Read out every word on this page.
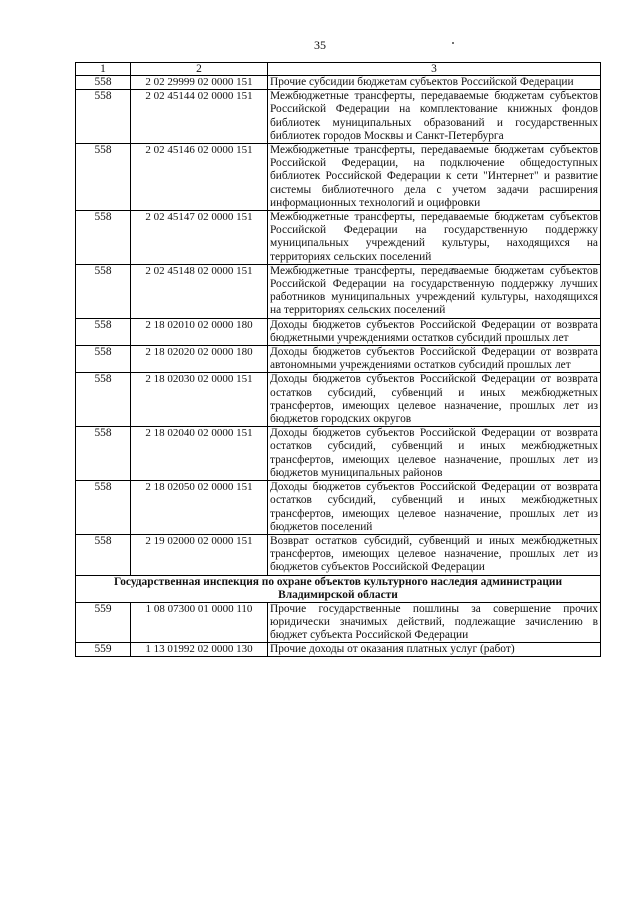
35
1	2	3
558	2 02 29999 02 0000 151	Прочие субсидии бюджетам субъектов Российской Федерации
558	2 02 45144 02 0000 151	Межбюджетные трансферты, передаваемые бюджетам субъектов Российской Федерации на комплектование книжных фондов библиотек муниципальных образований и государственных библиотек городов Москвы и Санкт-Петербурга
558	2 02 45146 02 0000 151	Межбюджетные трансферты, передаваемые бюджетам субъектов Российской Федерации, на подключение общедоступных библиотек Российской Федерации к сети "Интернет" и развитие системы библиотечного дела с учетом задачи расширения информационных технологий и оцифровки
558	2 02 45147 02 0000 151	Межбюджетные трансферты, передаваемые бюджетам субъектов Российской Федерации на государственную поддержку муниципальных учреждений культуры, находящихся на территориях сельских поселений
558	2 02 45148 02 0000 151	Межбюджетные трансферты, передаваемые бюджетам субъектов Российской Федерации на государственную поддержку лучших работников муниципальных учреждений культуры, находящихся на территориях сельских поселений
558	2 18 02010 02 0000 180	Доходы бюджетов субъектов Российской Федерации от возврата бюджетными учреждениями остатков субсидий прошлых лет
558	2 18 02020 02 0000 180	Доходы бюджетов субъектов Российской Федерации от возврата автономными учреждениями остатков субсидий прошлых лет
558	2 18 02030 02 0000 151	Доходы бюджетов субъектов Российской Федерации от возврата остатков субсидий, субвенций и иных межбюджетных трансфертов, имеющих целевое назначение, прошлых лет из бюджетов городских округов
558	2 18 02040 02 0000 151	Доходы бюджетов субъектов Российской Федерации от возврата остатков субсидий, субвенций и иных межбюджетных трансфертов, имеющих целевое назначение, прошлых лет из бюджетов муниципальных районов
558	2 18 02050 02 0000 151	Доходы бюджетов субъектов Российской Федерации от возврата остатков субсидий, субвенций и иных межбюджетных трансфертов, имеющих целевое назначение, прошлых лет из бюджетов поселений
558	2 19 02000 02 0000 151	Возврат остатков субсидий, субвенций и иных межбюджетных трансфертов, имеющих целевое назначение, прошлых лет из бюджетов субъектов Российской Федерации
Государственная инспекция по охране объектов культурного наследия администрации Владимирской области		
559	1 08 07300 01 0000 110	Прочие государственные пошлины за совершение прочих юридически значимых действий, подлежащие зачислению в бюджет субъекта Российской Федерации
559	1 13 01992 02 0000 130	Прочие доходы от оказания платных услуг (работ)
